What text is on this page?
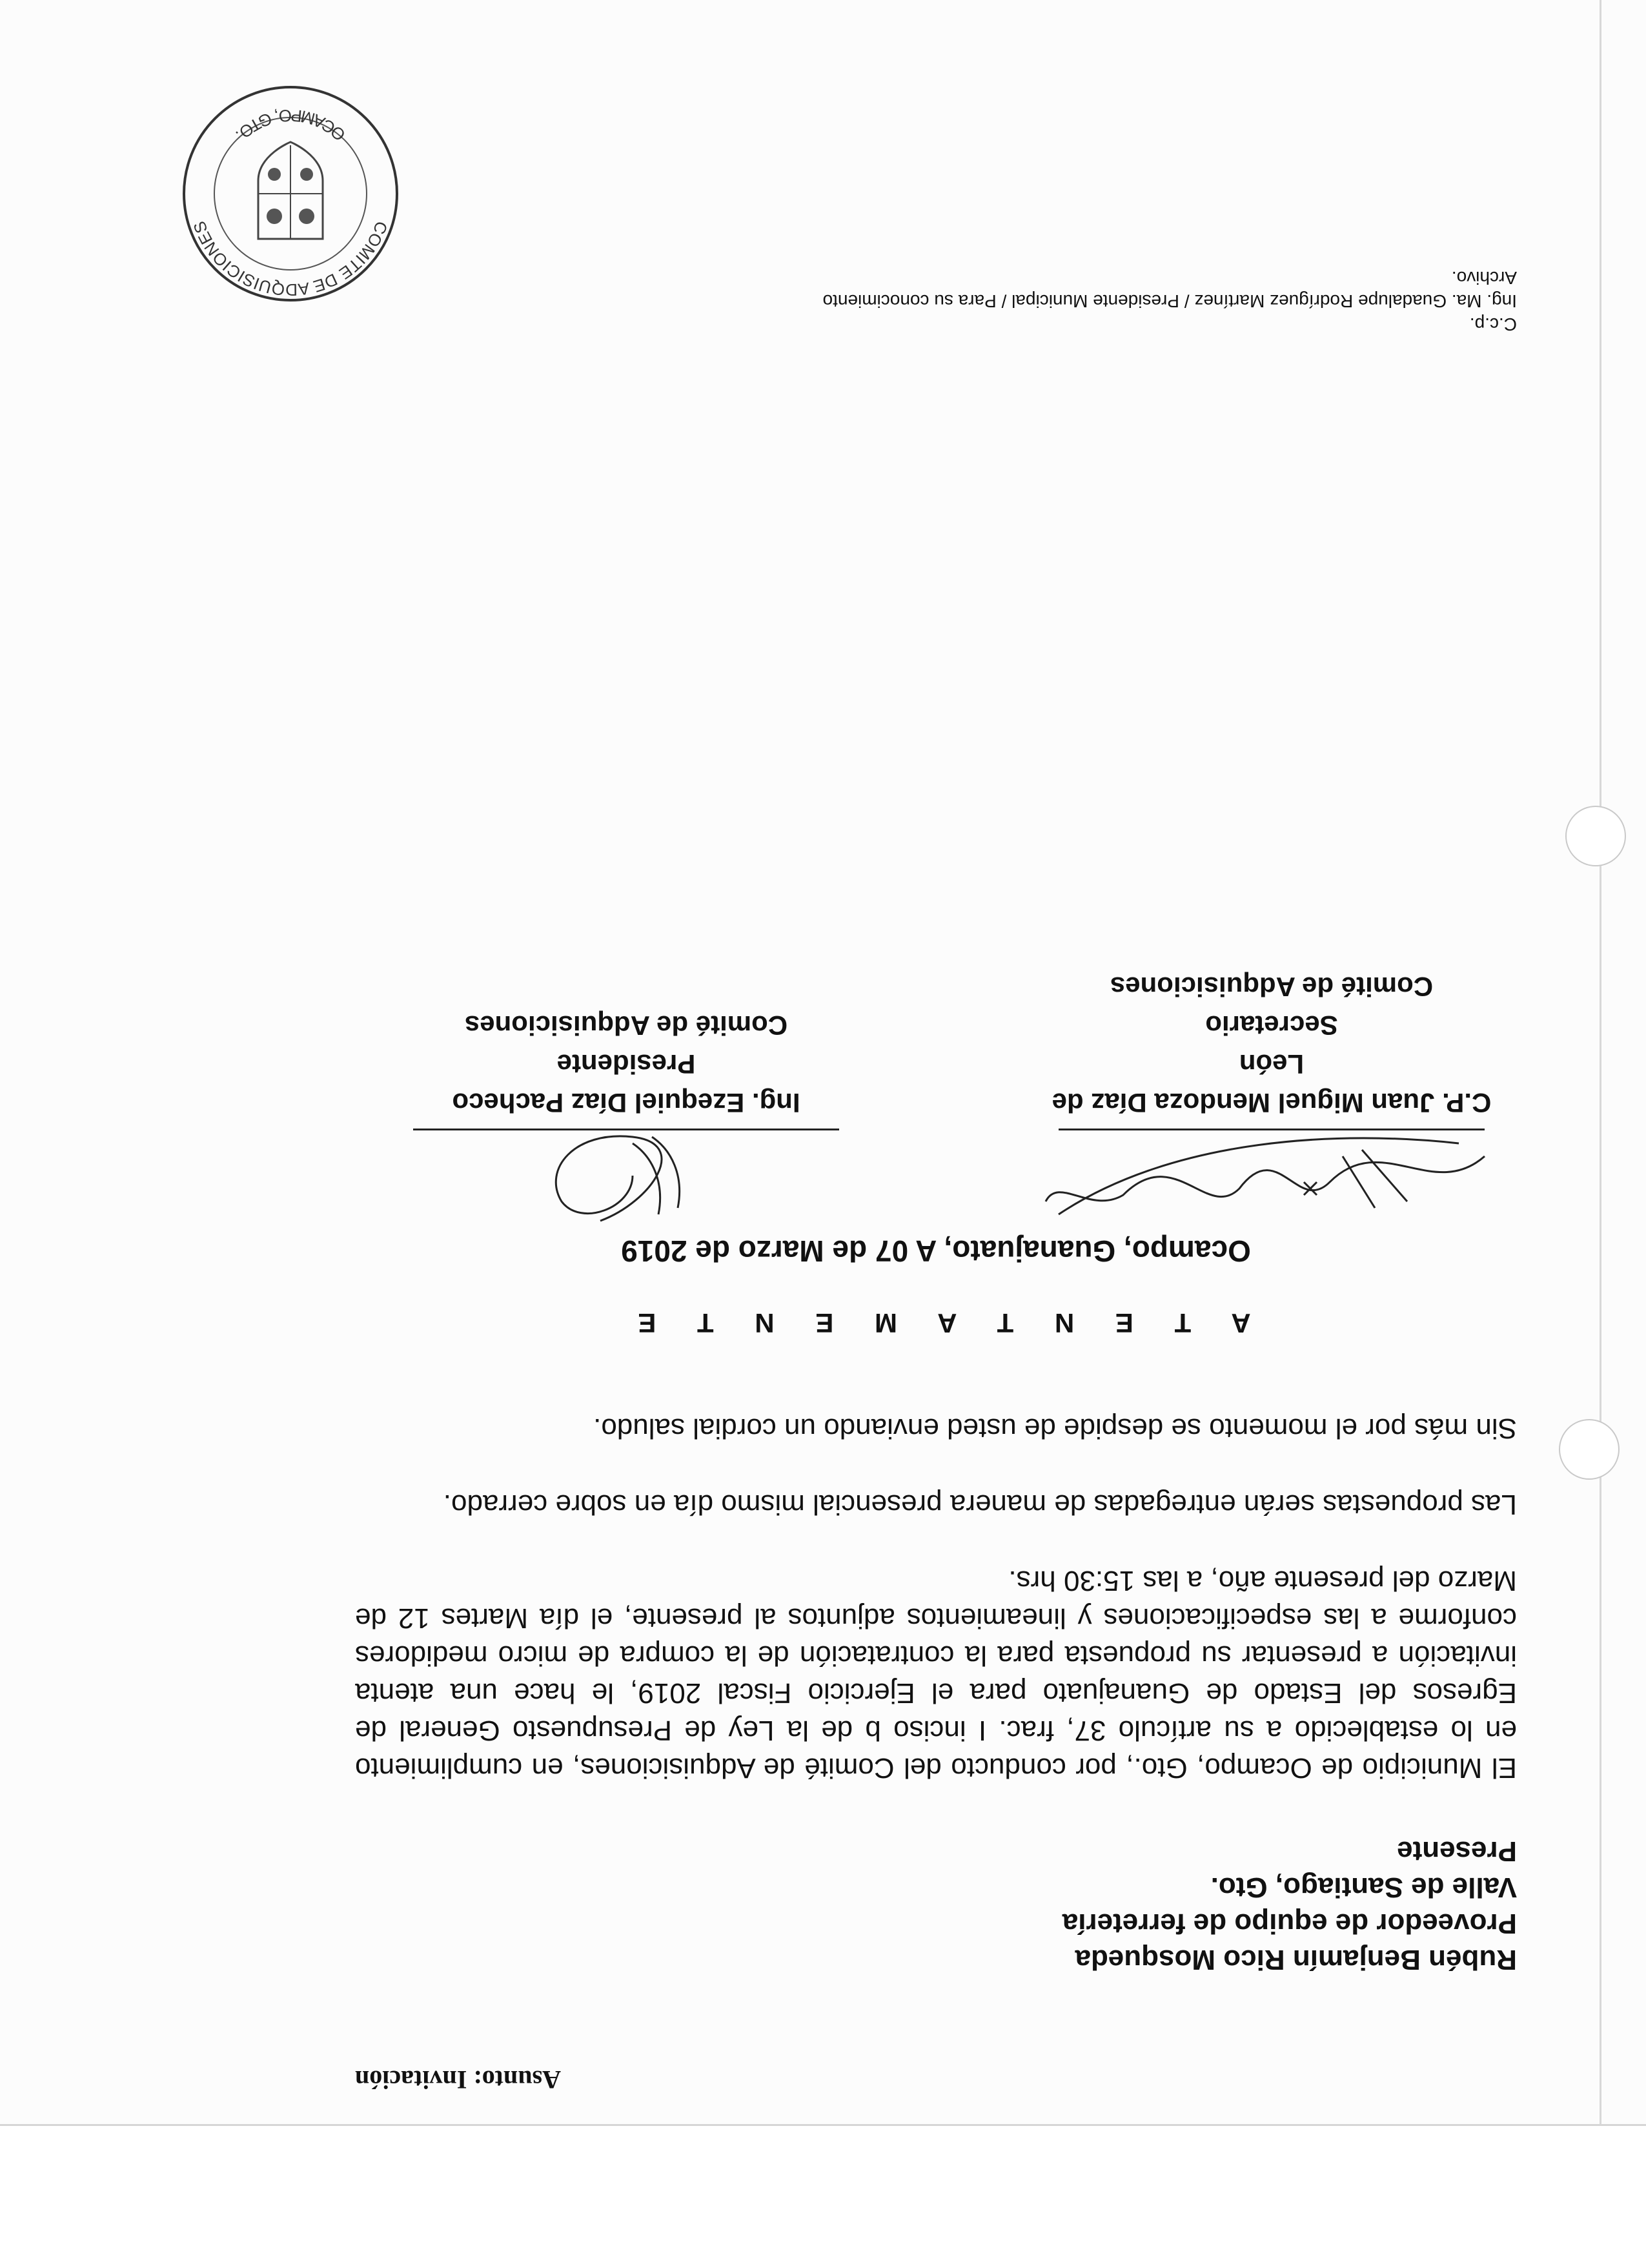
Asunto: Invitación
Rubén Benjamín Rico Mosqueda
Proveedor de equipo de ferretería
Valle de Santiago, Gto.
Presente

El Municipio de Ocampo, Gto., por conducto del Comité de Adquisiciones, en cumplimiento en lo establecido a su artículo 37, frac. I inciso b de la Ley de Presupuesto General de Egresos del Estado de Guanajuato para el Ejercicio Fiscal 2019, le hace una atenta invitación a presentar su propuesta para la contratación de la compra de micro medidores conforme a las especificaciones y lineamientos adjuntos al presente, el día Martes 12 de Marzo del presente año, a las 15:30 hrs.

Las propuestas serán entregadas de manera presencial mismo día en sobre cerrado.

Sin más por el momento se despide de usted enviando un cordial saludo.

A T E N T A M E N T E
Ocampo, Guanajuato, A 07 de Marzo de 2019
C.P. Juan Miguel Mendoza Díaz de León
Secretario
Comité de Adquisiciones
Ing. Ezequiel Díaz Pacheco
Presidente
Comité de Adquisiciones
C.c.p.
Ing. Ma. Guadalupe Rodríguez Martínez / Presidente Municipal / Para su conocimiento
Archivo.
COMITE DE ADQUISICIONES
OCAMPO, GTO.
